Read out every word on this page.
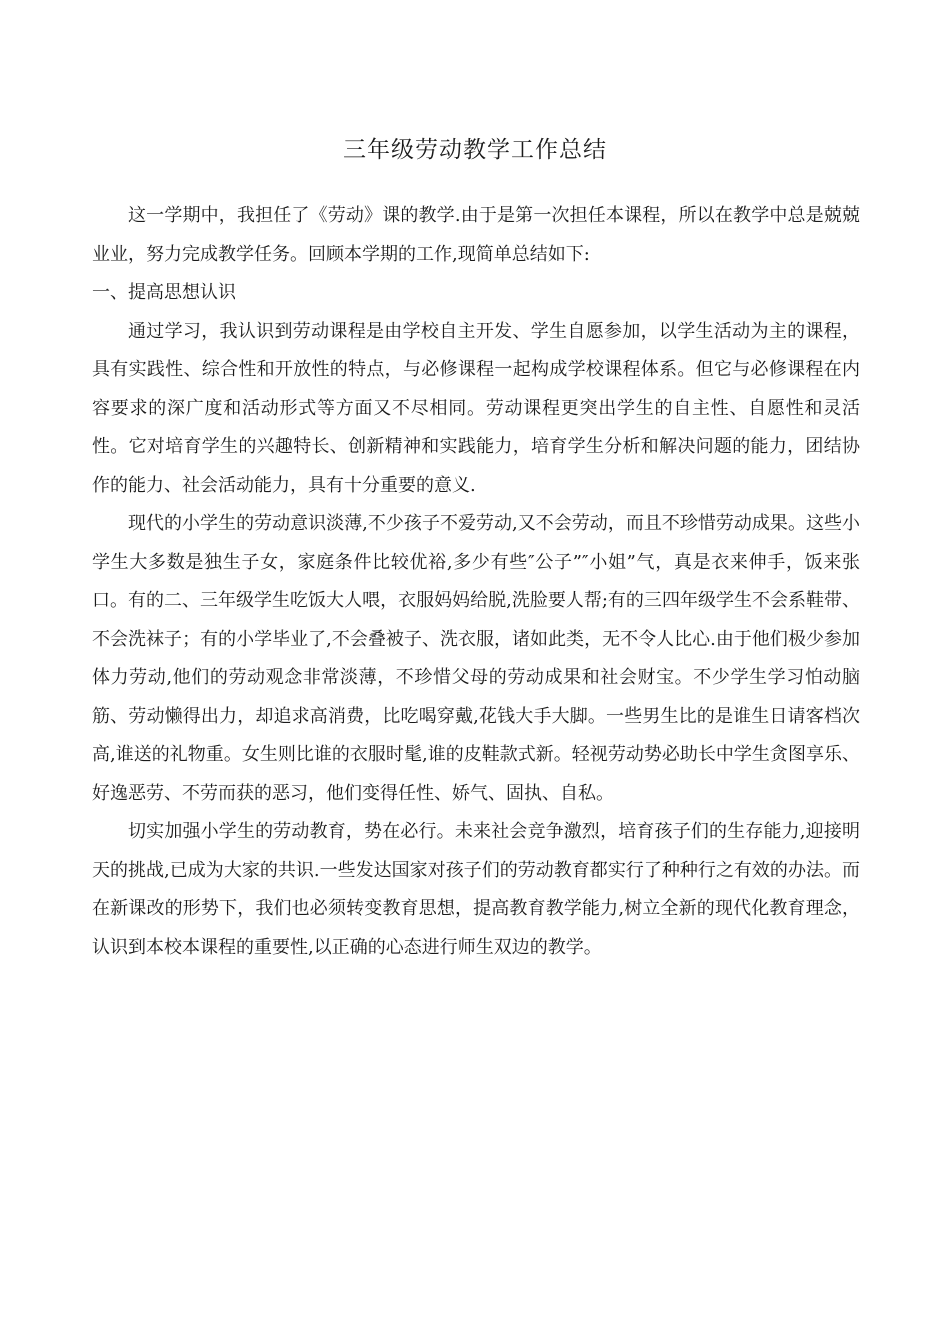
三年级劳动教学工作总结

这一学期中，我担任了《劳动》课的教学.由于是第一次担任本课程，所以在教学中总是兢兢业业，努力完成教学任务。回顾本学期的工作,现简单总结如下:

一、提高思想认识

通过学习，我认识到劳动课程是由学校自主开发、学生自愿参加，以学生活动为主的课程，具有实践性、综合性和开放性的特点，与必修课程一起构成学校课程体系。但它与必修课程在内容要求的深广度和活动形式等方面又不尽相同。劳动课程更突出学生的自主性、自愿性和灵活性。它对培育学生的兴趣特长、创新精神和实践能力，培育学生分析和解决问题的能力，团结协作的能力、社会活动能力，具有十分重要的意义.

现代的小学生的劳动意识淡薄,不少孩子不爱劳动,又不会劳动，而且不珍惜劳动成果。这些小学生大多数是独生子女，家庭条件比较优裕,多少有些″公子”″小姐”气，真是衣来伸手，饭来张口。有的二、三年级学生吃饭大人喂，衣服妈妈给脱,洗脸要人帮;有的三四年级学生不会系鞋带、不会洗袜子；有的小学毕业了,不会叠被子、洗衣服，诸如此类，无不令人比心.由于他们极少参加体力劳动,他们的劳动观念非常淡薄，不珍惜父母的劳动成果和社会财宝。不少学生学习怕动脑筋、劳动懒得出力，却追求高消费，比吃喝穿戴,花钱大手大脚。一些男生比的是谁生日请客档次高,谁送的礼物重。女生则比谁的衣服时髦,谁的皮鞋款式新。轻视劳动势必助长中学生贪图享乐、好逸恶劳、不劳而获的恶习，他们变得任性、娇气、固执、自私。

切实加强小学生的劳动教育，势在必行。未来社会竞争激烈，培育孩子们的生存能力,迎接明天的挑战,已成为大家的共识.一些发达国家对孩子们的劳动教育都实行了种种行之有效的办法。而在新课改的形势下，我们也必须转变教育思想，提高教育教学能力,树立全新的现代化教育理念，认识到本校本课程的重要性,以正确的心态进行师生双边的教学。
